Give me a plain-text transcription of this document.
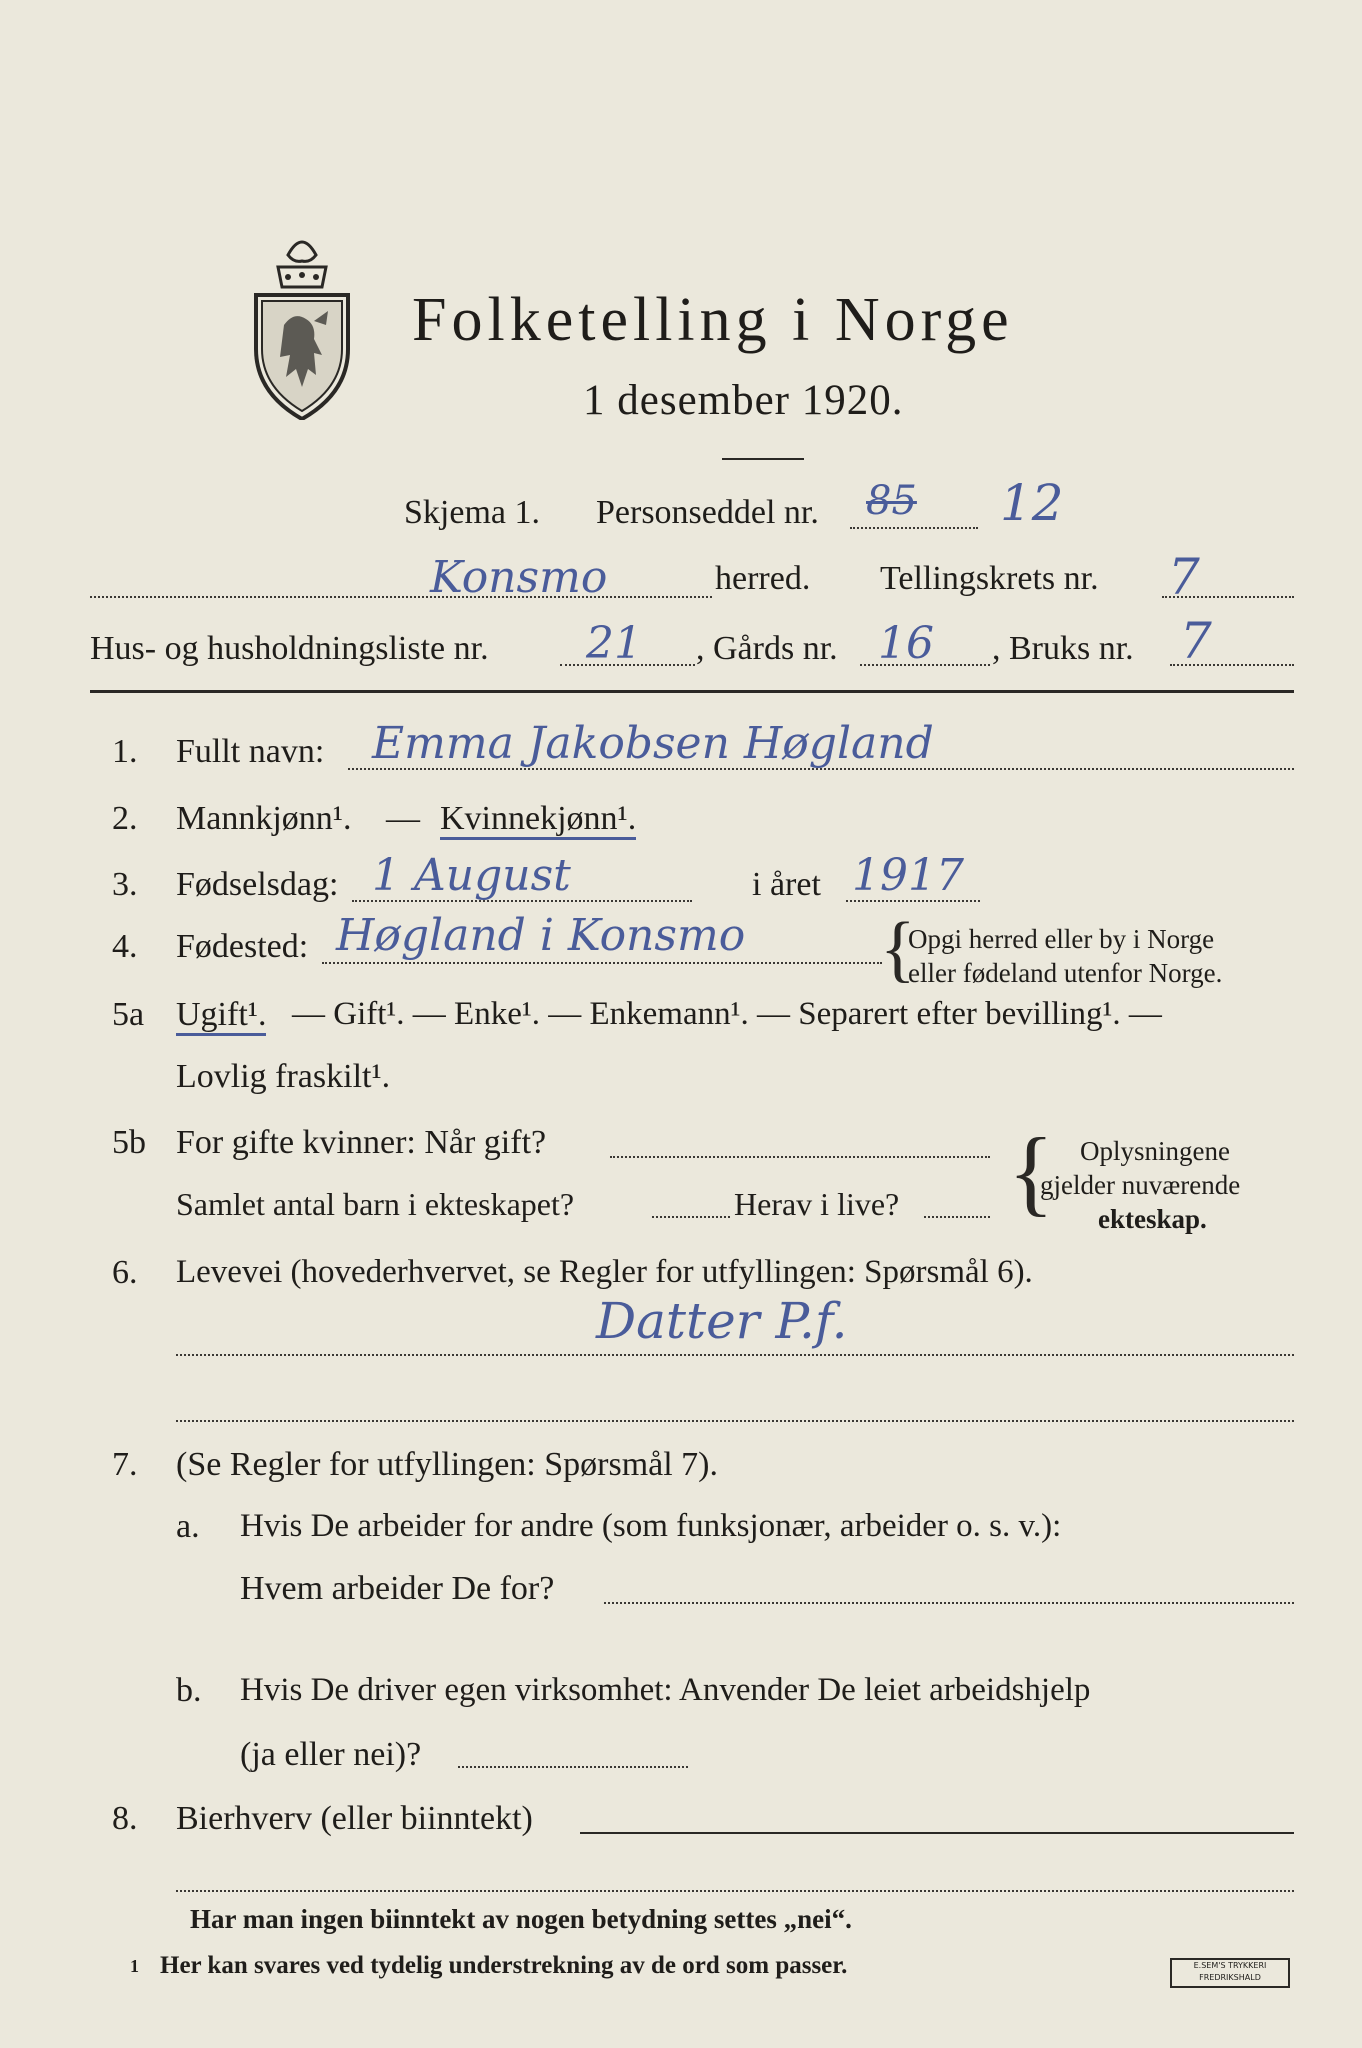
Folketelling i Norge
1 desember 1920.
Skjema 1. Personseddel nr. 85 12
Konsmo	herred. Tellingskrets nr. 7
Hus- og husholdningsliste nr. 21 , Gårds nr. 16 , Bruks nr. 7
1. Fullt navn: Emma Jakobsen Høgland
2. Mannkjønn¹. — Kvinnekjønn¹.
3. Fødselsdag: 1 August	i året 1917
4. Fødested: Høgland i Konsmo {
Opgi herred eller by i Norge
eller fødeland utenfor Norge.
5a Ugift¹. — Gift¹. — Enke¹. — Enkemann¹. — Separert efter bevilling¹. —
Lovlig fraskilt¹.
5b For gifte kvinner: Når gift?
Samlet antal barn i ekteskapet?	Herav i live? { Oplysningene
gjelder nuværende
ekteskap.
6. Levevei (hovederhvervet, se Regler for utfyllingen: Spørsmål 6).
Datter P.f.
7. (Se Regler for utfyllingen: Spørsmål 7).
a. Hvis De arbeider for andre (som funksjonær, arbeider o. s. v.):
Hvem arbeider De for?
b. Hvis De driver egen virksomhet: Anvender De leiet arbeidshjelp
(ja eller nei)?
8. Bierhverv (eller biinntekt)
Har man ingen biinntekt av nogen betydning settes „nei“.
1 Her kan svares ved tydelig understrekning av de ord som passer.	E.SEM'S TRYKKERI
FREDRIKSHALD
